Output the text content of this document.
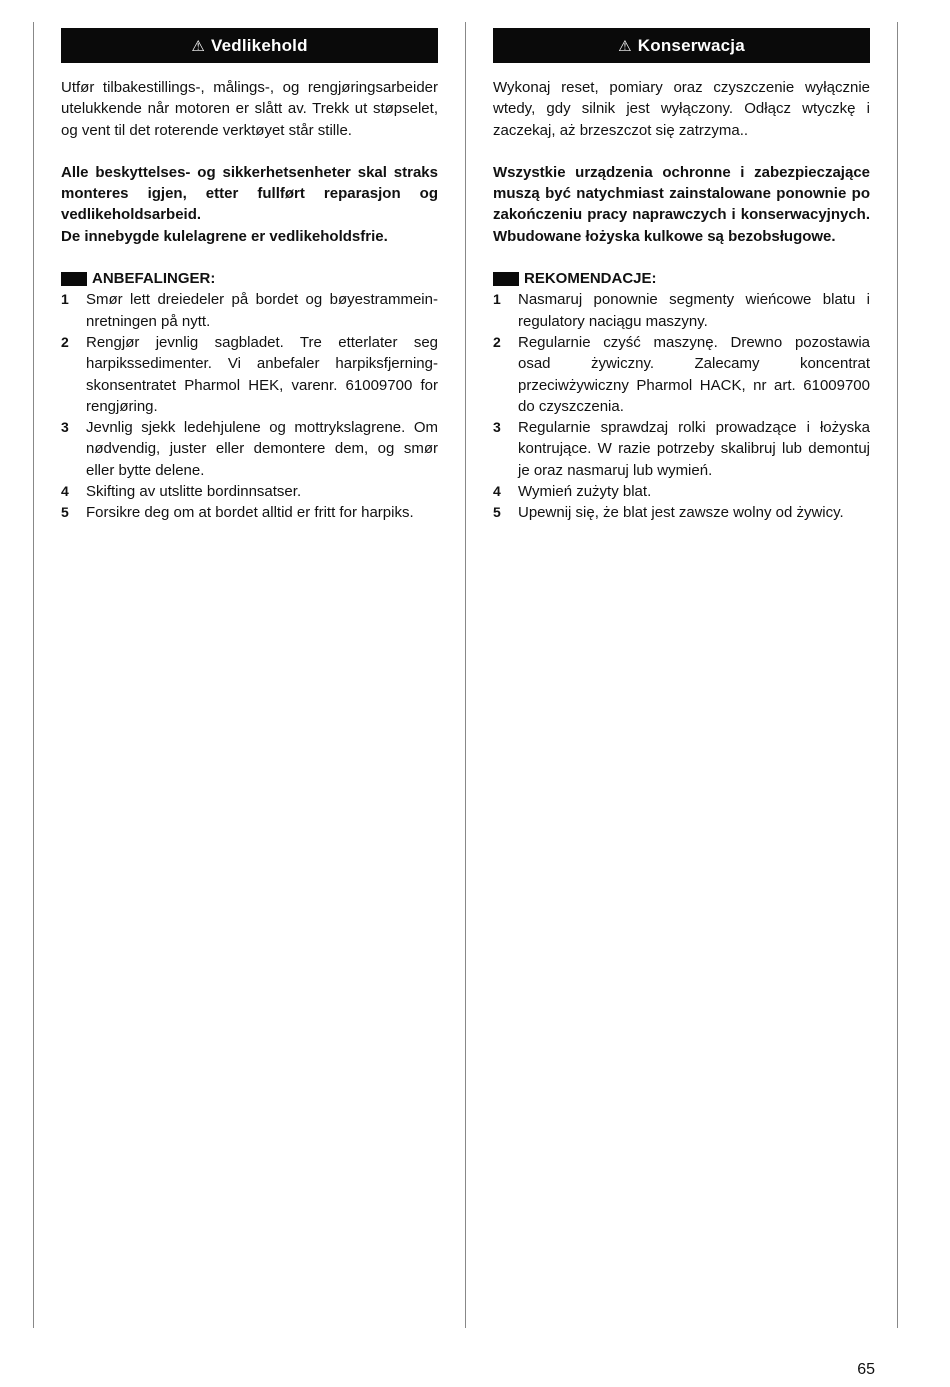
⚠ Vedlikehold

Utfør tilbakestillings-, målings-, og rengjøringsarbeider utelukkende når motoren er slått av. Trekk ut støpselet, og vent til det roterende verktøyet står stille.

Alle beskyttelses- og sikkerhetsenheter skal straks monteres igjen, etter fullført reparasjon og vedlikeholdsarbeid.

De innebygde kulelagrene er vedlikeholdsfrie.

ANBEFALINGER:
1	Smør lett dreiedeler på bordet og bøyestrammeinnretningen på nytt.
2	Rengjør jevnlig sagbladet. Tre etterlater seg harpikssedimenter. Vi anbefaler harpiksfjerningskonsentratet Pharmol HEK, varenr. 61009700 for rengjøring.
3	Jevnlig sjekk ledehjulene og mottrykslagrene. Om nødvendig, juster eller demontere dem, og smør eller bytte delene.
4	Skifting av utslitte bordinnsatser.
5	Forsikre deg om at bordet alltid er fritt for harpiks.
⚠ Konserwacja

Wykonaj reset, pomiary oraz czyszczenie wyłącznie wtedy, gdy silnik jest wyłączony. Odłącz wtyczkę i zaczekaj, aż brzeszczot się zatrzyma..

Wszystkie urządzenia ochronne i zabezpieczające muszą być natychmiast zainstalowane ponownie po zakończeniu pracy naprawczych i konserwacyjnych. Wbudowane łożyska kulkowe są bezobsługowe.

REKOMENDACJE:
1	Nasmaruj ponownie segmenty wieńcowe blatu i regulatory naciągu maszyny.
2	Regularnie czyść maszynę. Drewno pozostawia osad żywiczny. Zalecamy koncentrat przeciwżywiczny Pharmol HACK, nr art. 61009700 do czyszczenia.
3	Regularnie sprawdzaj rolki prowadzące i łożyska kontrujące. W razie potrzeby skalibruj lub demontuj je oraz nasmaruj lub wymień.
4	Wymień zużyty blat.
5	Upewnij się, że blat jest zawsze wolny od żywicy.
65
